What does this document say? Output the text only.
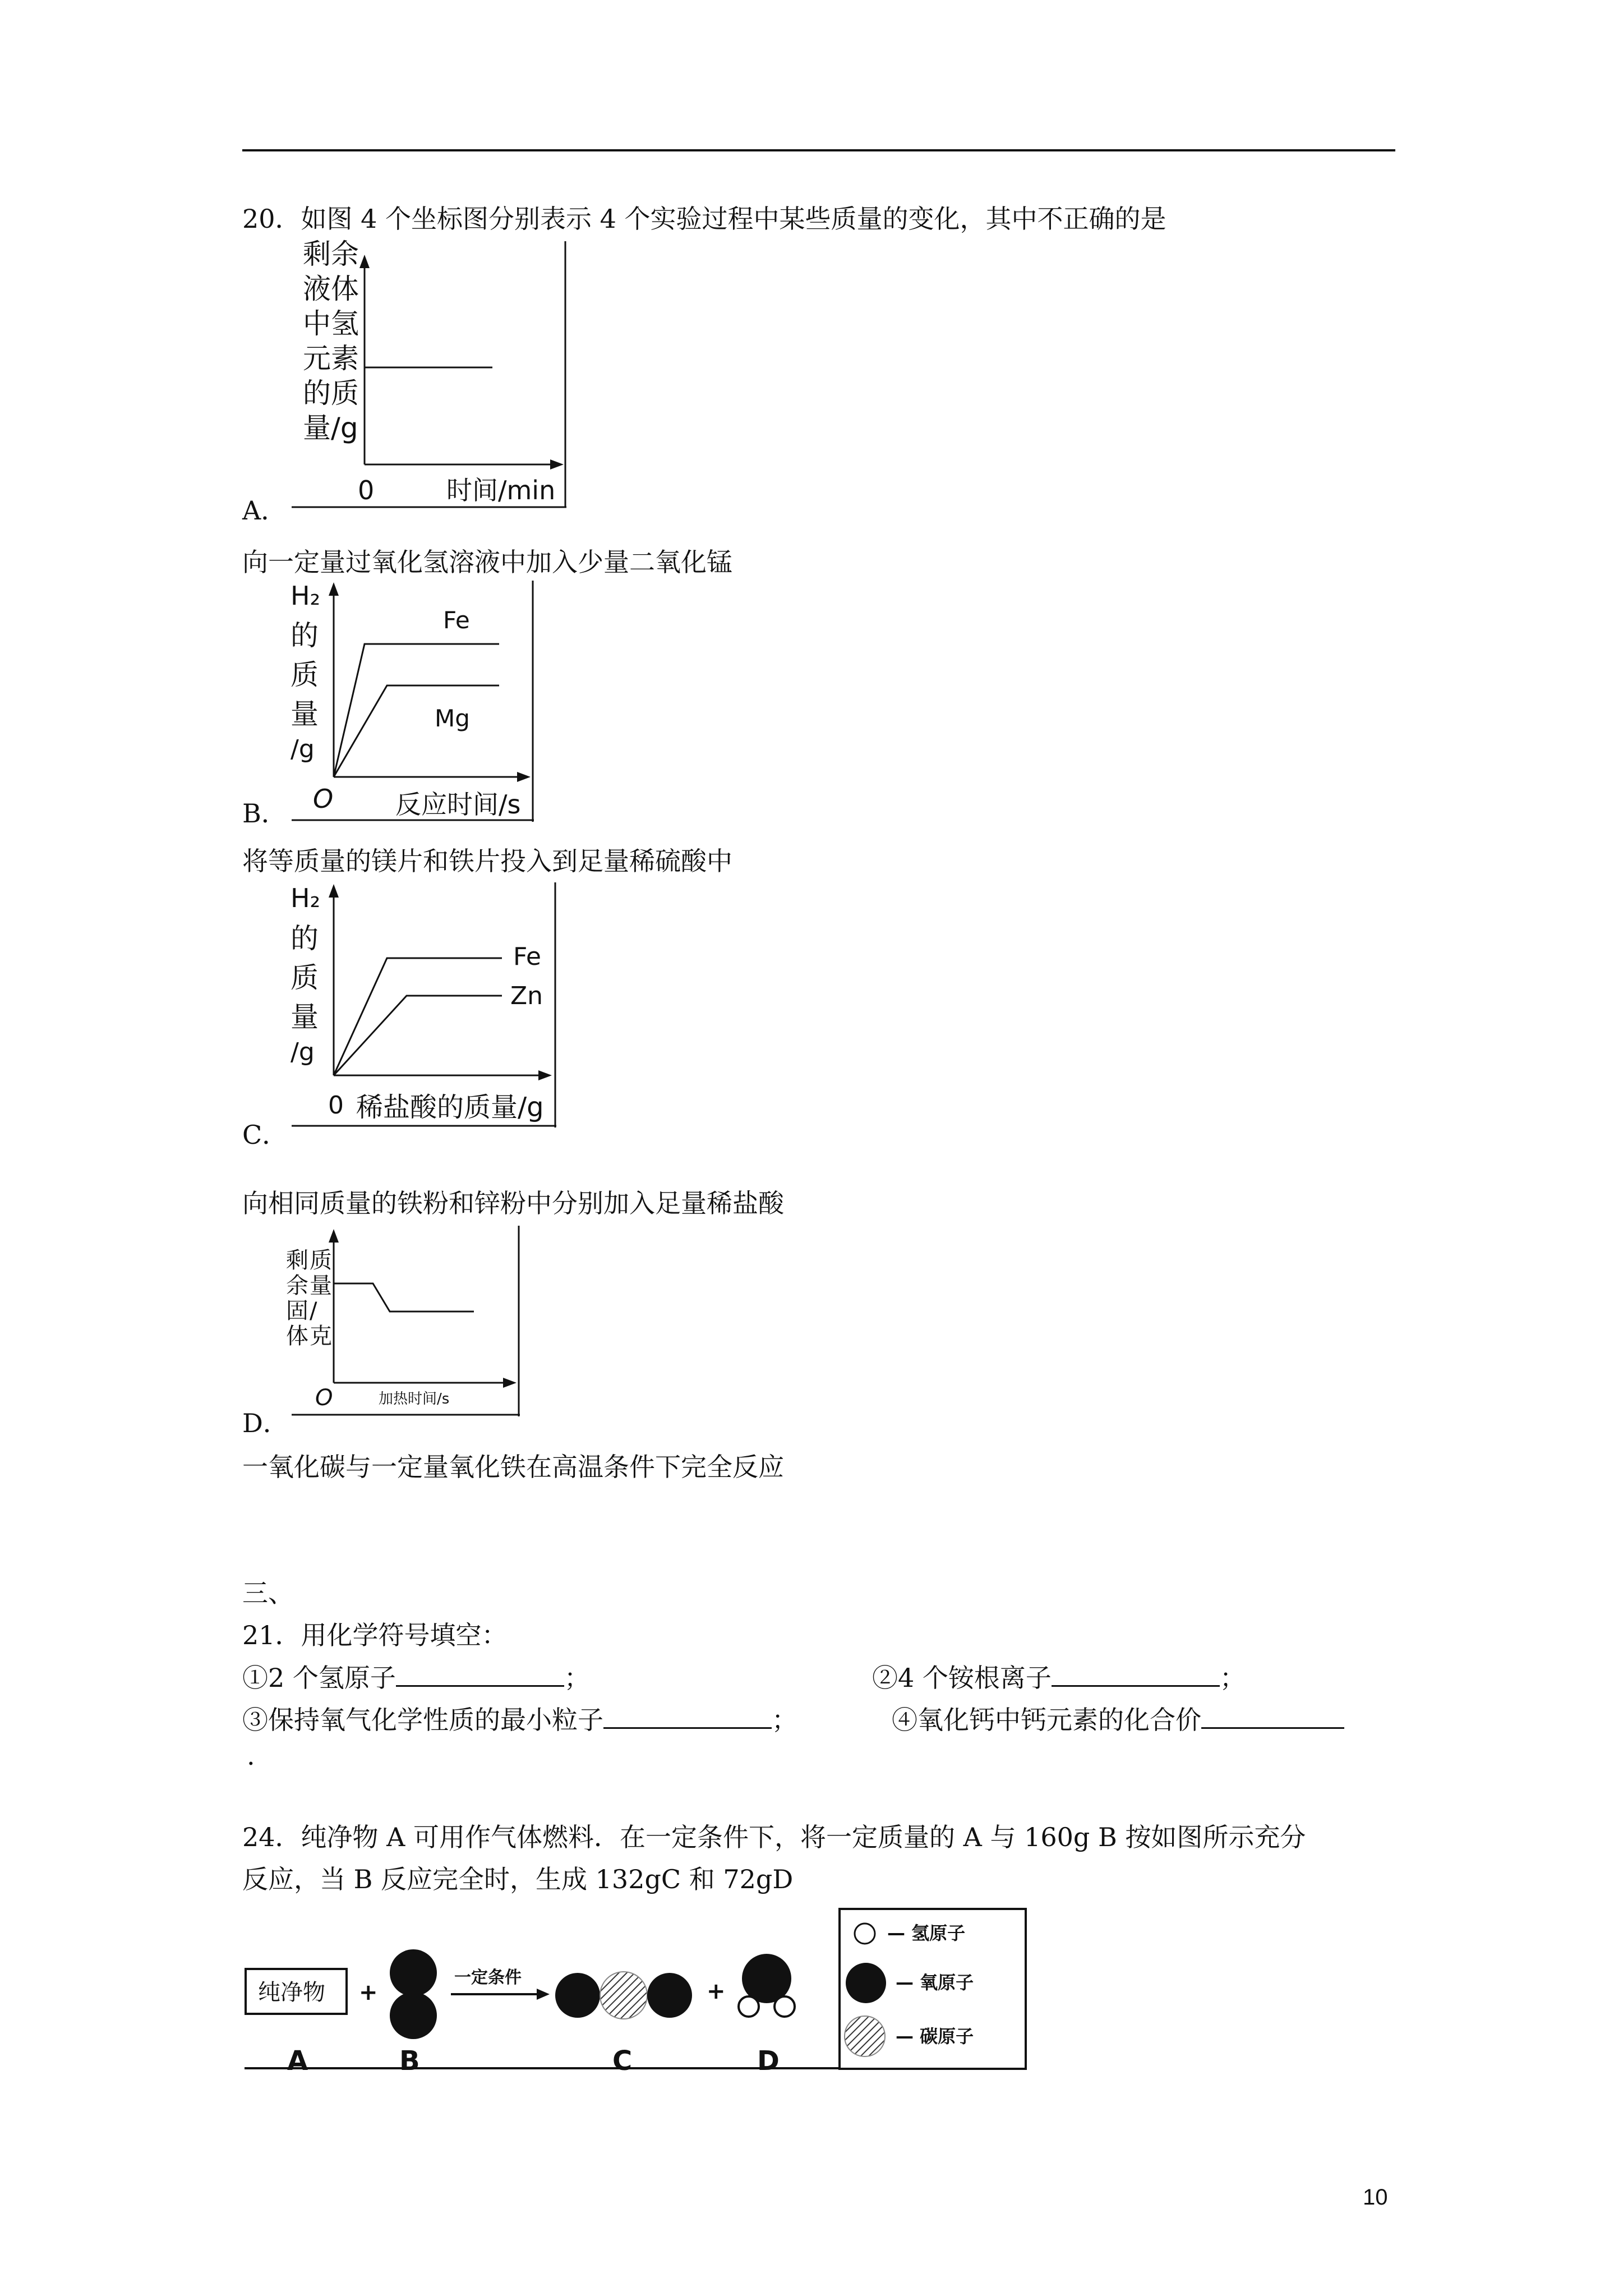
20．如图 4 个坐标图分别表示 4 个实验过程中某些质量的变化，其中不正确的是
剩余
液体
中氢
元素
的质
量/g
0	时间/min
A．
向一定量过氧化氢溶液中加入少量二氧化锰
Fe
Mg
H₂
的
质
量
/g
O 反应时间/s
B．
将等质量的镁片和铁片投入到足量稀硫酸中
Fe
Zn
H₂
的
质
量
/g
0 稀盐酸的质量/g
C．
向相同质量的铁粉和锌粉中分别加入足量稀盐酸
剩
余
固
体
质
量
/
克
O	加热时间/s
D．
一氧化碳与一定量氧化铁在高温条件下完全反应
三、
21．用化学符号填空：
①2 个氢原子	；	②4 个铵根离子	；
③保持氧气化学性质的最小粒子	；	④氧化钙中钙元素的化合价
.
24．纯净物 A 可用作气体燃料．在一定条件下，将一定质量的 A 与 160g B 按如图所示充分
反应，当 B 反应完全时，生成 132gC 和 72gD
纯净物 +
一定条件
+
A	B	C	D
— 氢原子
— 氧原子
— 碳原子
10
